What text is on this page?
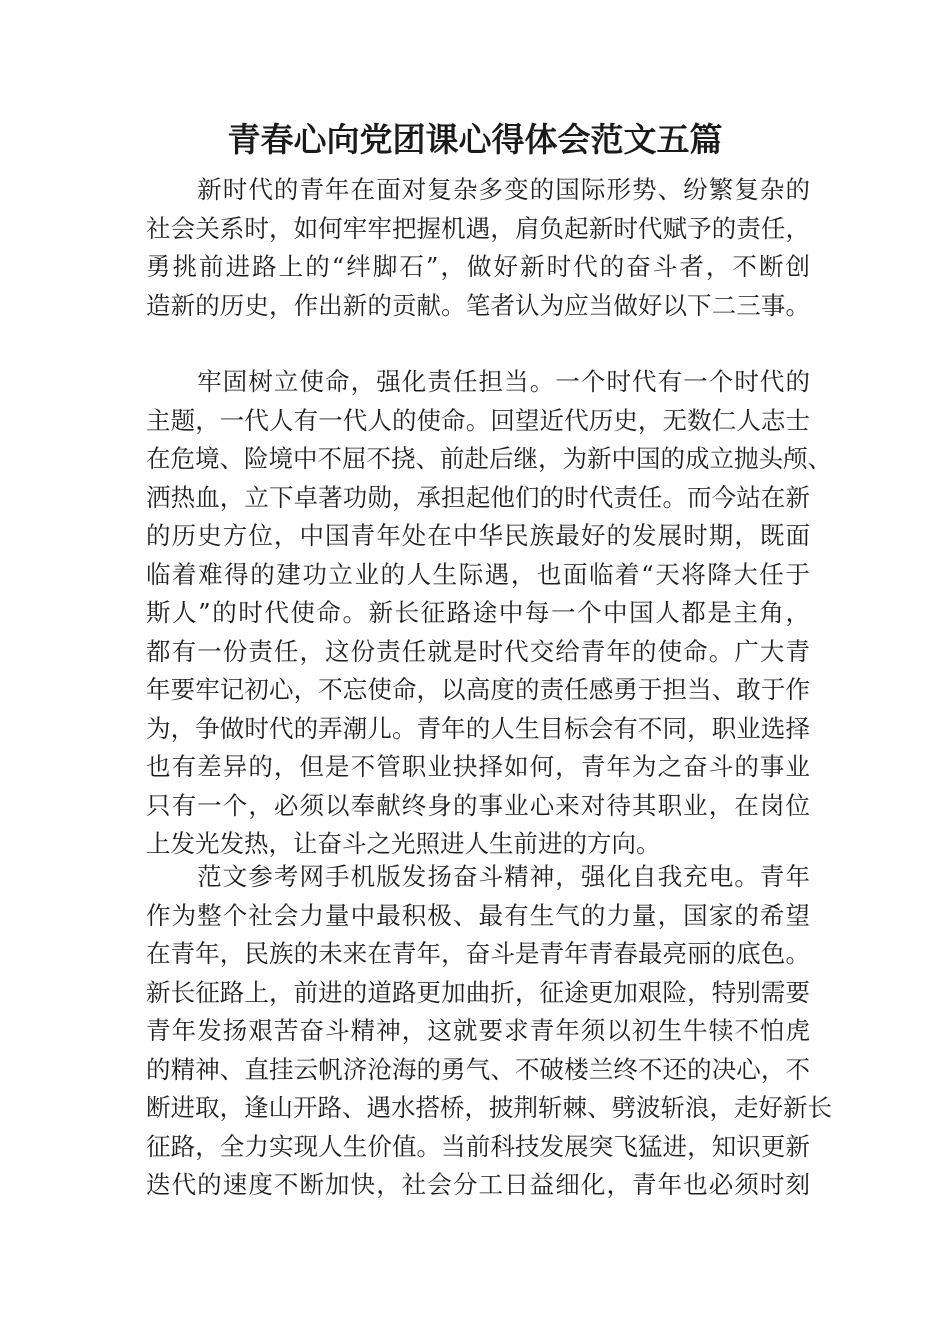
青春心向党团课心得体会范文五篇
　　新时代的青年在面对复杂多变的国际形势、纷繁复杂的
社会关系时，如何牢牢把握机遇，肩负起新时代赋予的责任，
勇挑前进路上的“绊脚石”，做好新时代的奋斗者，不断创
造新的历史，作出新的贡献。笔者认为应当做好以下二三事。
　　牢固树立使命，强化责任担当。一个时代有一个时代的
主题，一代人有一代人的使命。回望近代历史，无数仁人志士
在危境、险境中不屈不挠、前赴后继，为新中国的成立抛头颅、
洒热血，立下卓著功勋，承担起他们的时代责任。而今站在新
的历史方位，中国青年处在中华民族最好的发展时期，既面
临着难得的建功立业的人生际遇，也面临着“天将降大任于
斯人”的时代使命。新长征路途中每一个中国人都是主角，
都有一份责任，这份责任就是时代交给青年的使命。广大青
年要牢记初心，不忘使命，以高度的责任感勇于担当、敢于作
为，争做时代的弄潮儿。青年的人生目标会有不同，职业选择
也有差异的，但是不管职业抉择如何，青年为之奋斗的事业
只有一个，必须以奉献终身的事业心来对待其职业，在岗位
上发光发热，让奋斗之光照进人生前进的方向。
　　范文参考网手机版发扬奋斗精神，强化自我充电。青年
作为整个社会力量中最积极、最有生气的力量，国家的希望
在青年，民族的未来在青年，奋斗是青年青春最亮丽的底色。
新长征路上，前进的道路更加曲折，征途更加艰险，特别需要
青年发扬艰苦奋斗精神，这就要求青年须以初生牛犊不怕虎
的精神、直挂云帆济沧海的勇气、不破楼兰终不还的决心，不
断进取，逢山开路、遇水搭桥，披荆斩棘、劈波斩浪，走好新长
征路，全力实现人生价值。当前科技发展突飞猛进，知识更新
迭代的速度不断加快，社会分工日益细化，青年也必须时刻
